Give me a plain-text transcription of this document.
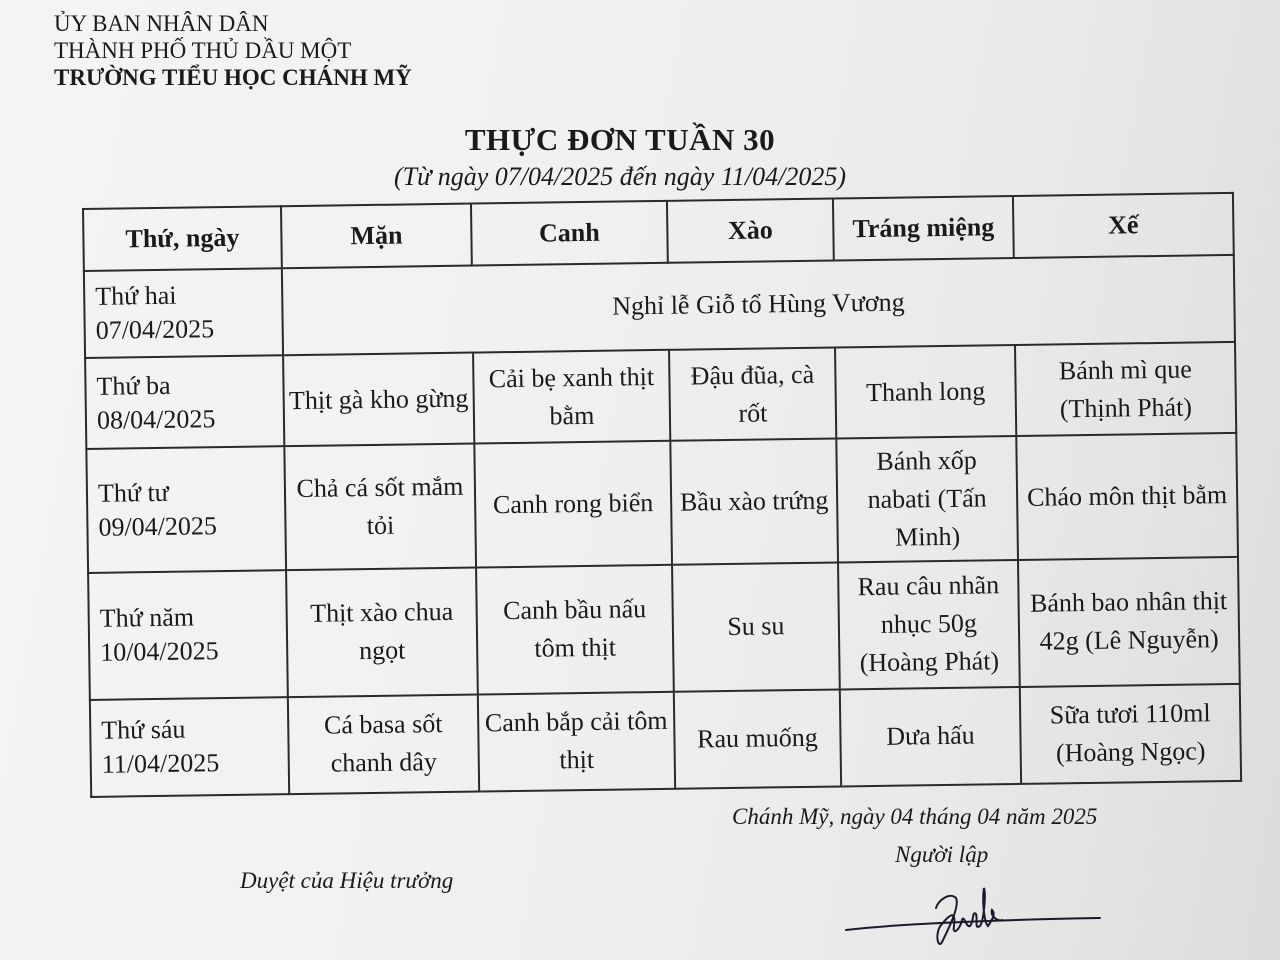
ỦY BAN NHÂN DÂN
THÀNH PHỐ THỦ DẦU MỘT
TRƯỜNG TIỂU HỌC CHÁNH MỸ
THỰC ĐƠN TUẦN 30
(Từ ngày 07/04/2025 đến ngày 11/04/2025)
Thứ, ngày	Mặn	Canh	Xào	Tráng miệng	Xế

Thứ hai
07/04/2025	Nghỉ lễ Giỗ tổ Hùng Vương				

Thứ ba
08/04/2025	Thịt gà kho gừng	Cải bẹ xanh thịt bằm	Đậu đũa, cà rốt	Thanh long	Bánh mì que (Thịnh Phát)

Thứ tư
09/04/2025	Chả cá sốt mắm tỏi	Canh rong biển	Bầu xào trứng	Bánh xốp nabati (Tấn Minh)	Cháo môn thịt bằm

Thứ năm
10/04/2025	Thịt xào chua ngọt	Canh bầu nấu tôm thịt	Su su	Rau câu nhãn nhục 50g (Hoàng Phát)	Bánh bao nhân thịt 42g (Lê Nguyễn)

Thứ sáu
11/04/2025	Cá basa sốt chanh dây	Canh bắp cải tôm thịt	Rau muống	Dưa hấu	Sữa tươi 110ml (Hoàng Ngọc)
Chánh Mỹ, ngày 04 tháng 04 năm 2025
Người lập
Duyệt của Hiệu trưởng
